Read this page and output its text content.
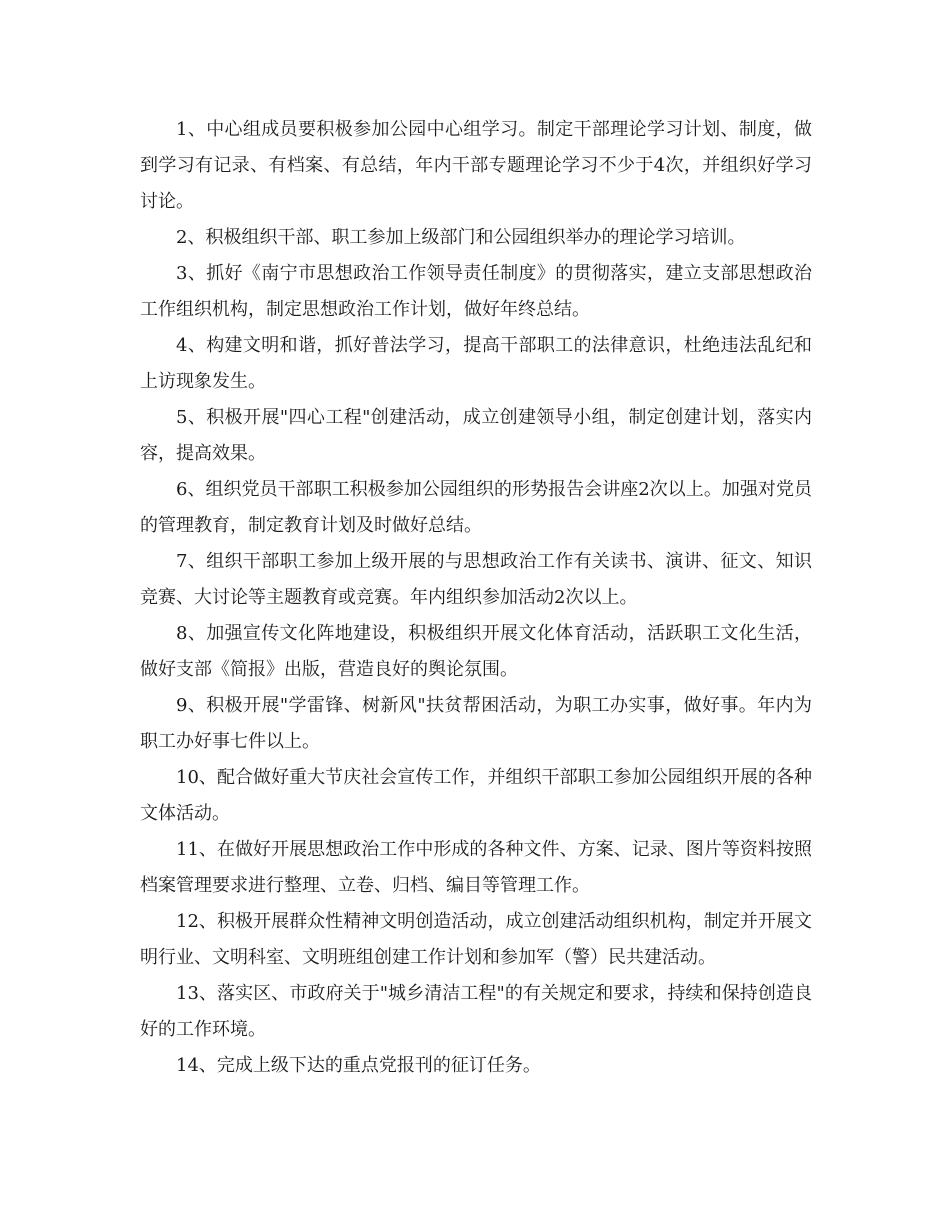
1、中心组成员要积极参加公园中心组学习。制定干部理论学习计划、制度，做到学习有记录、有档案、有总结，年内干部专题理论学习不少于4次，并组织好学习讨论。

2、积极组织干部、职工参加上级部门和公园组织举办的理论学习培训。

3、抓好《南宁市思想政治工作领导责任制度》的贯彻落实，建立支部思想政治工作组织机构，制定思想政治工作计划，做好年终总结。

4、构建文明和谐，抓好普法学习，提高干部职工的法律意识，杜绝违法乱纪和上访现象发生。

5、积极开展"四心工程"创建活动，成立创建领导小组，制定创建计划，落实内容，提高效果。

6、组织党员干部职工积极参加公园组织的形势报告会讲座2次以上。加强对党员的管理教育，制定教育计划及时做好总结。

7、组织干部职工参加上级开展的与思想政治工作有关读书、演讲、征文、知识竞赛、大讨论等主题教育或竞赛。年内组织参加活动2次以上。

8、加强宣传文化阵地建设，积极组织开展文化体育活动，活跃职工文化生活，做好支部《简报》出版，营造良好的舆论氛围。

9、积极开展"学雷锋、树新风"扶贫帮困活动，为职工办实事，做好事。年内为职工办好事七件以上。

10、配合做好重大节庆社会宣传工作，并组织干部职工参加公园组织开展的各种文体活动。

11、在做好开展思想政治工作中形成的各种文件、方案、记录、图片等资料按照档案管理要求进行整理、立卷、归档、编目等管理工作。

12、积极开展群众性精神文明创造活动，成立创建活动组织机构，制定并开展文明行业、文明科室、文明班组创建工作计划和参加军（警）民共建活动。

13、落实区、市政府关于"城乡清洁工程"的有关规定和要求，持续和保持创造良好的工作环境。

14、完成上级下达的重点党报刊的征订任务。
